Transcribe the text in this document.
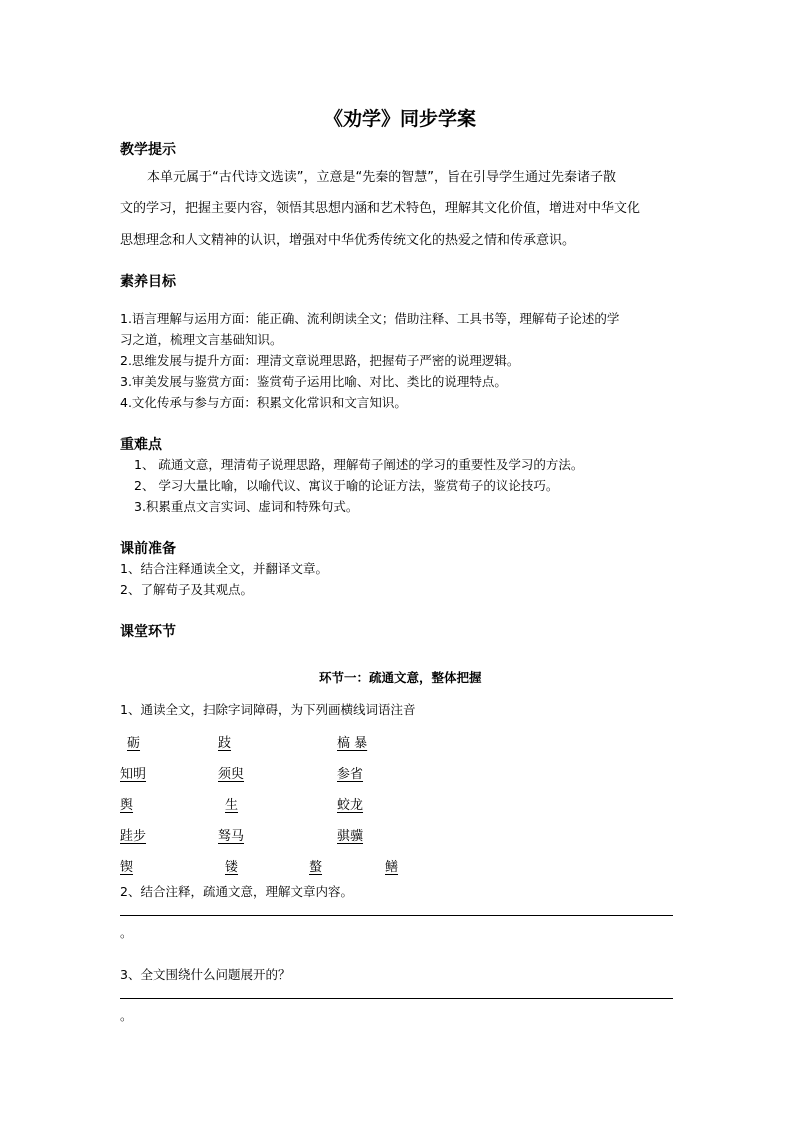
《劝学》同步学案
教学提示
本单元属于“古代诗文选读”，立意是“先秦的智慧”，旨在引导学生通过先秦诸子散
文的学习，把握主要内容，领悟其思想内涵和艺术特色，理解其文化价值，增进对中华文化
思想理念和人文精神的认识，增强对中华优秀传统文化的热爱之情和传承意识。
素养目标
1.语言理解与运用方面：能正确、流利朗读全文；借助注释、工具书等，理解荀子论述的学
习之道，梳理文言基础知识。
2.思维发展与提升方面：理清文章说理思路，把握荀子严密的说理逻辑。
3.审美发展与鉴赏方面：鉴赏荀子运用比喻、对比、类比的说理特点。
4.文化传承与参与方面：积累文化常识和文言知识。
重难点
1、 疏通文意，理清荀子说理思路，理解荀子阐述的学习的重要性及学习的方法。
2、 学习大量比喻，以喻代议、寓议于喻的论证方法，鉴赏荀子的议论技巧。
3.积累重点文言实词、虚词和特殊句式。
课前准备
1、结合注释通读全文，并翻译文章。
2、了解荀子及其观点。
课堂环节
环节一：疏通文意，整体把握
1、通读全文，扫除字词障碍，为下列画横线词语注音
砺	跂	槁 暴
知明	须臾	参省
舆	生	蛟龙
跬步	驽马	骐骥
锲	镂	螯	鳝
2、结合注释，疏通文意，理解文章内容。
。
3、全文围绕什么问题展开的？
。
